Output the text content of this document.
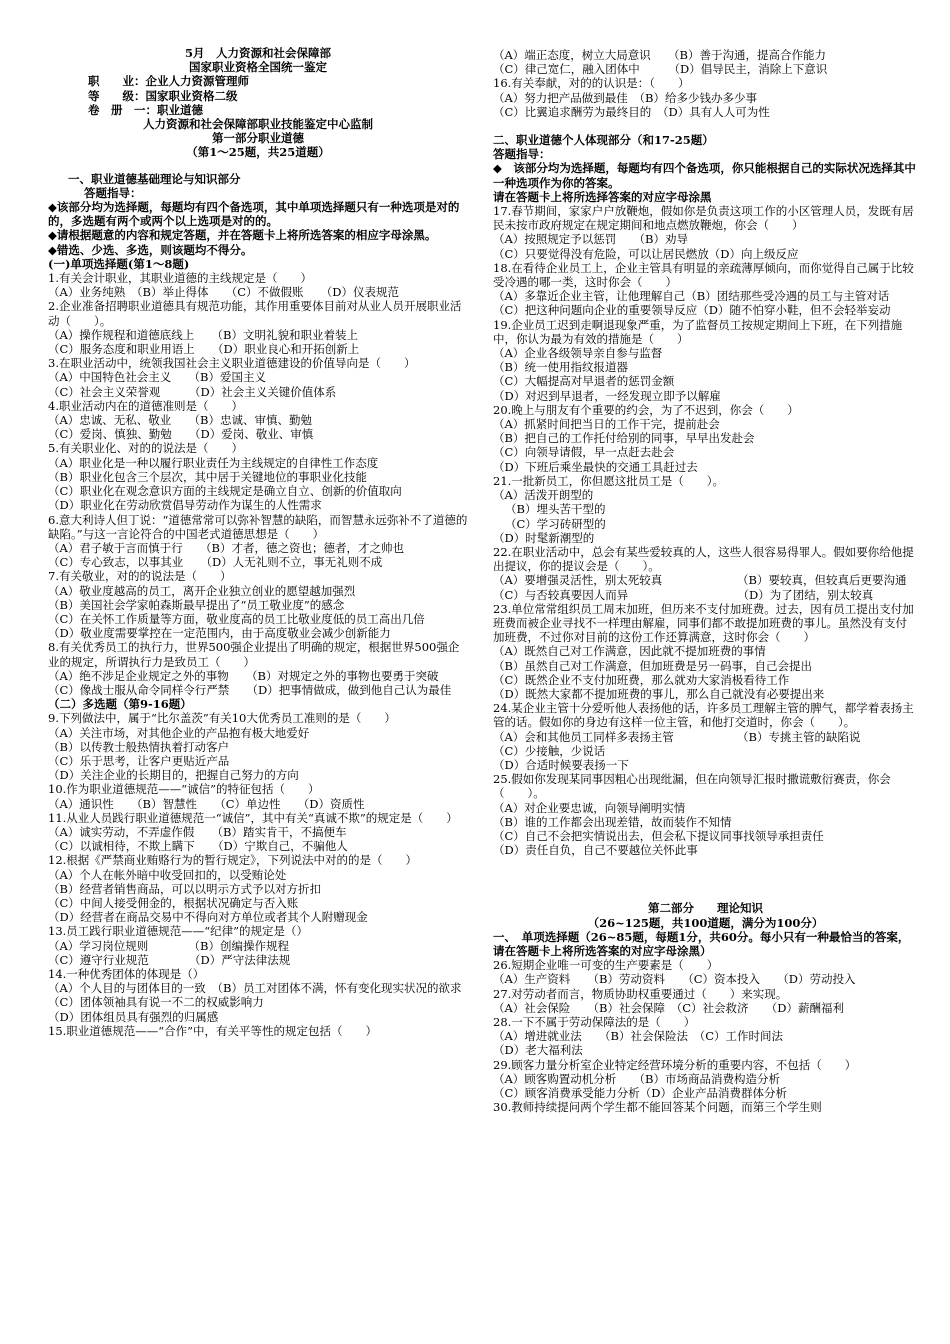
5月　人力资源和社会保障部

国家职业资格全国统一鉴定

职　　业：企业人力资源管理师

等　　级：国家职业资格二级

卷　册　一：职业道德

人力资源和社会保障部职业技能鉴定中心监制

第一部分职业道德

（第1～25题，共25道题）

一、职业道德基础理论与知识部分

答题指导：

◆该部分均为选择题，每题均有四个备选项，其中单项选择题只有一种选项是对的的，多选题有两个或两个以上选项是对的的。

◆请根据题意的内容和规定答题，并在答题卡上将所选答案的相应字母涂黑。

◆错选、少选、多选，则该题均不得分。

(一)单项选择题(第1～8题)

1.有关会计职业，其职业道德的主线规定是（　　）

（A）业务纯熟　（B）举止得体　　（C）不做假账　　（D）仪表规范

2.企业准备招聘职业道德具有规范功能，其作用重要体目前对从业人员开展职业活动（　　）。

（A）操作规程和道德底线上　　（B）文明礼貌和职业着装上

（C）服务态度和职业用语上　　（D）职业良心和开拓创新上

3.在职业活动中，统领我国社会主义职业道德建设的价值导向是（　　）

（A）中国特色社会主义　　（B）爱国主义

（C）社会主义荣誉观　　　（D）社会主义关键价值体系

4.职业活动内在的道德准则是（　　）

（A）忠诚、无私、敬业　　（B）忠诚、审慎、勤勉

（C）爱岗、慎独、勤勉　　（D）爱岗、敬业、审慎

5.有关职业化、对的的说法是（　　）

（A）职业化是一种以履行职业责任为主线规定的自律性工作态度

（B）职业化包含三个层次，其中居于关键地位的事职业化技能

（C）职业化在观念意识方面的主线规定是确立自立、创新的价值取向

（D）职业化在劳动欣赏倡导劳动作为谋生的人性需求

6.意大利诗人但丁说：“道德常常可以弥补智慧的缺陷，而智慧永远弥补不了道德的缺陷。”与这一言论符合的中国老式道德思想是（　　）

（A）君子敏于言而慎于行　　（B）才者，德之资也；德者，才之帅也

（C）专心致志，以事其业　　（D）人无礼则不立，事无礼则不成

7.有关敬业，对的的说法是（　　）

（A）敬业度越高的员工，离开企业独立创业的愿望越加强烈

（B）美国社会学家帕森斯最早提出了“员工敬业度”的感念

（C）在关怀工作质量等方面，敬业度高的员工比敬业度低的员工高出几倍

（D）敬业度需要掌控在一定范围内，由于高度敬业会减少创新能力

8.有关优秀员工的执行力，世界500强企业提出了明确的规定，根据世界500强企业的规定，所谓执行力是致员工（　　）

（A）绝不涉足企业规定之外的事物　　（B）对规定之外的事物也要勇于突破

（C）像战士服从命令同样令行严禁　　（D）把事情做成，做到他自己认为最佳

（二）多选题（第9-16题）

9.下列做法中，属于“比尔盖茨”有关10大优秀员工准则的是（　　）

（A）关注市场，对其他企业的产品抱有极大地爱好

（B）以传教士般热情执着打动客户

（C）乐于思考，让客户更贴近产品

（D）关注企业的长期目的，把握自己努力的方向

10.作为职业道德规范——“诚信”的特征包括（　　）

（A）通识性　　（B）智慧性　　（C）单边性　　（D）资质性

11.从业人员践行职业道德规范一“诚信”，其中有关“真诚不欺”的规定是（　　）

（A）诚实劳动，不弄虚作假　　（B）踏实肯干，不搞便车

（C）以诚相待，不欺上瞒下　　（D）宁欺自己，不骗他人

12.根据《严禁商业贿赂行为的暂行规定》，下列说法中对的的是（　　）

（A）个人在帐外暗中收受回扣的，以受贿论处

（B）经营者销售商品，可以以明示方式予以对方折扣

（C）中间人接受佣金的，根据状况确定与否入账

（D）经营者在商品交易中不得向对方单位或者其个人附赠现金

13.员工践行职业道德规范——“纪律”的规定是（）

（A）学习岗位规则　　　　（B）创编操作规程

（C）遵守行业规范　　　　（D）严守法律法规

14.一种优秀团体的体现是（）

（A）个人目的与团体目的一致　（B）员工对团体不满，怀有变化现实状况的欲求（C）团体领袖具有说一不二的权威影响力

（D）团体组员具有强烈的归属感

15.职业道德规范——“合作”中，有关平等性的规定包括（　　）

（A）端正态度，树立大局意识　　（B）善于沟通，提高合作能力

（C）律己宽仁，融入团体中　　　（D）倡导民主，消除上下意识

16.有关奉献，对的的认识是：（　　）

（A）努力把产品做到最佳　（B）给多少钱办多少事

（C）比翼追求酬劳为最终目的　（D）具有人人可为性

二、职业道德个人体现部分（和17-25题）

答题指导：

◆　该部分均为选择题，每题均有四个备选项，你只能根据自己的实际状况选择其中一种选项作为你的答案。

请在答题卡上将所选择答案的对应字母涂黑

17.春节期间，家家户户放鞭炮，假如你是负责这项工作的小区管理人员，发既有居民未按市政府规定在规定期间和地点燃放鞭炮，你会（　　）

（A）按照规定予以惩罚　　（B）劝导

（C）只要觉得没有危险，可以让居民燃放（D）向上级反应

18.在看待企业员工上，企业主管具有明显的亲疏薄厚倾向，而你觉得自己属于比较受冷遇的哪一类，这时你会（　　）

（A）多靠近企业主管，让他理解自己（B）团结那些受冷遇的员工与主管对话

（C）把这种问题向企业的重要领导反应（D）随不怕穿小鞋，但不会轻举妄动

19.企业员工迟到走啊退现象严重，为了监督员工按规定期间上下班，在下列措施中，你认为最为有效的措施是（　　）

（A）企业各级领导亲自参与监督

（B）统一使用指纹报道器

（C）大幅提高对早退者的惩罚金额

（D）对迟到早退者，一经发现立即予以解雇

20.晚上与朋友有个重要的约会，为了不迟到，你会（　　）

（A）抓紧时间把当日的工作干完，提前赴会

（B）把自己的工作托付给别的同事，早早出发赴会

（C）向领导请假，早一点赶去赴会

（D）下班后乘坐最快的交通工具赶过去

21.一批新员工，你但愿这批员工是（　　）。

（A）活泼开朗型的

（B）埋头苦干型的

（C）学习砖研型的

（D）时髦新潮型的

22.在职业活动中，总会有某些爱较真的人，这些人很容易得罪人。假如要你给他提出提议，你的提议会是（　　）。

（A）要增强灵活性，别太死较真　　　　　　　（B）要较真，但较真后更要沟通

（C）与否较真要因人而异　　　　　　　　　　（D）为了团结，别太较真

23.单位常常组织员工周末加班，但历来不支付加班费。过去，因有员工提出支付加班费而被企业寻找不一样理由解雇，同事们都不敢提加班费的事儿。虽然没有支付加班费，不过你对目前的这份工作还算满意，这时你会（　　）

（A）既然自己对工作满意，因此就不提加班费的事情

（B）虽然自己对工作满意，但加班费是另一码事，自己会提出

（C）既然企业不支付加班费，那么就劝大家消极看待工作

（D）既然大家都不提加班费的事儿，那么自己就没有必要提出来

24.某企业主管十分爱听他人表扬他的话，许多员工理解主管的脾气，都学着表扬主管的话。假如你的身边有这样一位主管，和他打交道时，你会（　　）。

（A）会和其他员工同样多表扬主管　　　　　　（B）专挑主管的缺陷说

（C）少接触，少说话

（D）合适时候要表扬一下

25.假如你发现某同事因粗心出现纰漏，但在向领导汇报时撒谎敷衍赛责，你会（　　）。

（A）对企业要忠诚，向领导阐明实情

（B）谁的工作都会出现差错，故而装作不知情

（C）自己不会把实情说出去，但会私下提议同事找领导承担责任

（D）责任自负，自己不要越位关怀此事

第二部分　　理论知识

（26~125题，共100道题，满分为100分）

一、　单项选择题（26~85题，每题1分，共60分。每小只有一种最恰当的答案，请在答题卡上将所选答案的对应字母涂黑）

26.短期企业唯一可变的生产要素是（　　）

（A）生产资料　　（B）劳动资料　　（C）资本投入　　（D）劳动投入

27.对劳动者而言，物质协助权重要通过（　　）来实现。

（A）社会保险　　（B）社会保障　（C）社会救济　　（D）薪酬福利

28.一下不属于劳动保障法的是（　　）

（A）增进就业法　　（B）社会保险法　（C）工作时间法

（D）老大福利法

29.顾客力量分析室企业特定经营环境分析的重要内容，不包括（　　）

（A）顾客购置动机分析　　（B）市场商品消费构造分析

（C）顾客消费承受能力分析（D）企业产品消费群体分析

30.教师持续提问两个学生都不能回答某个问题，而第三个学生则
